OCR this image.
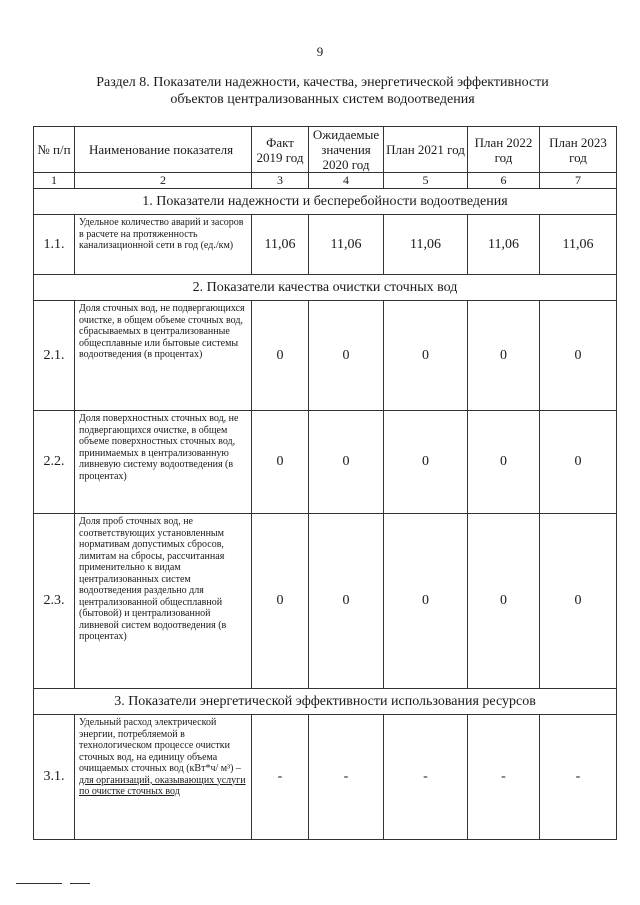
9
Раздел 8. Показатели надежности, качества, энергетической эффективности
объектов централизованных систем водоотведения
№ п/п	Наименование показателя	Факт 2019 год	Ожидаемые значения 2020 год	План 2021 год	План 2022 год	План 2023 год
1	2	3	4	5	6	7
1. Показатели надежности и бесперебойности водоотведения						
1.1.	Удельное количество аварий и засоров в расчете на протяженность канализационной сети в год (ед./км)	11,06	11,06	11,06	11,06	11,06
2. Показатели качества очистки сточных вод						
2.1.	Доля сточных вод, не подвергающихся очистке, в общем объеме сточных вод, сбрасываемых в централизованные общесплавные или бытовые системы водоотведения (в процентах)	0	0	0	0	0
2.2.	Доля поверхностных сточных вод, не подвергающихся очистке, в общем объеме поверхностных сточных вод, принимаемых в централизованную ливневую систему водоотведения (в процентах)	0	0	0	0	0
2.3.	Доля проб сточных вод, не соответствующих установленным нормативам допустимых сбросов, лимитам на сбросы, рассчитанная применительно к видам централизованных систем водоотведения раздельно для централизованной общесплавной (бытовой) и централизованной ливневой систем водоотведения (в процентах)	0	0	0	0	0
3. Показатели энергетической эффективности использования ресурсов						
3.1.	Удельный расход электрической энергии, потребляемой в технологическом процессе очистки сточных вод, на единицу объема очищаемых сточных вод (кВт*ч/ м³) – для организаций, оказывающих услуги по очистке сточных вод	-	-	-	-	-
